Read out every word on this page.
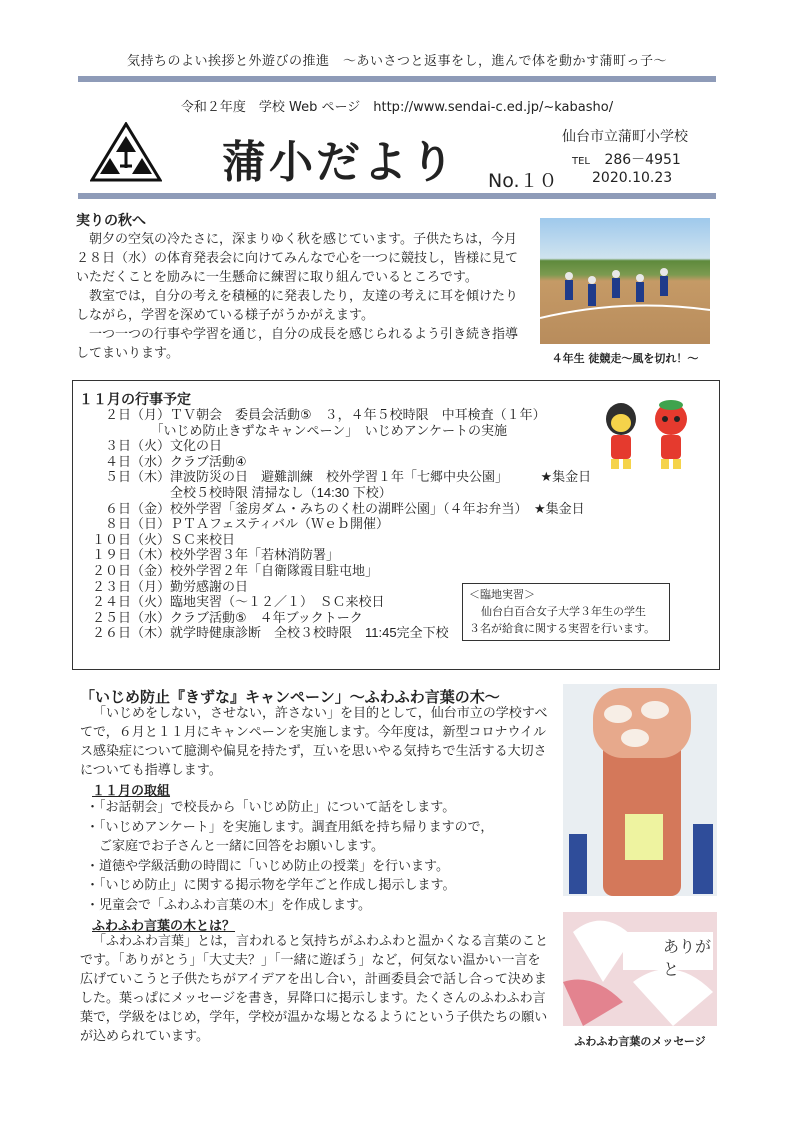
気持ちのよい挨拶と外遊びの推進　～あいさつと返事をし，進んで体を動かす蒲町っ子～
令和２年度　学校 Web ページ　http://www.sendai-c.ed.jp/~kabasho/
蒲小だより No.１０
仙台市立蒲町小学校
TEL 286－4951
2020.10.23
実りの秋へ

朝夕の空気の冷たさに，深まりゆく秋を感じています。子供たちは，今月２８日（水）の体育発表会に向けてみんなで心を一つに競技し，皆様に見ていただくことを励みに一生懸命に練習に取り組んでいるところです。

教室では，自分の考えを積極的に発表したり，友達の考えに耳を傾けたりしながら，学習を深めている様子がうかがえます。

一つ一つの行事や学習を通じ，自分の成長を感じられるよう引き続き指導してまいります。	４年生 徒競走～風を切れ！～
１１月の行事予定
　　２日（月）ＴＶ朝会　委員会活動⑤　３，４年５校時限　中耳検査（１年）
　　　　　　「いじめ防止きずなキャンペーン」　いじめアンケートの実施
　　３日（火）文化の日
　　４日（水）クラブ活動④
　　５日（木）津波防災の日　避難訓練　校外学習１年「七郷中央公園」　　　★集金日
　　　　　　　全校５校時限 清掃なし（14:30 下校）
　　６日（金）校外学習「釜房ダム・みちのく杜の湖畔公園」（４年お弁当）　★集金日
　　８日（日）ＰＴＡフェスティバル（Ｗｅｂ開催）
　１０日（火）ＳＣ来校日
　１９日（木）校外学習３年「若林消防署」
　２０日（金）校外学習２年「自衛隊霞目駐屯地」
　２３日（月）勤労感謝の日
　２４日（火）臨地実習（～１２／１）　ＳＣ来校日
　２５日（水）クラブ活動⑤　４年ブックトーク
　２６日（木）就学時健康診断　全校３校時限　11:45完全下校
＜臨地実習＞
仙台白百合女子大学３年生の学生
３名が給食に関する実習を行います。
「いじめ防止『きずな』キャンペーン」～ふわふわ言葉の木～

「いじめをしない，させない，許さない」を目的として，仙台市立の学校すべてで，６月と１１月にキャンペーンを実施します。今年度は，新型コロナウイルス感染症について臆測や偏見を持たず，互いを思いやる気持ちで生活する大切さについても指導します。

１１月の取組
・「お話朝会」で校長から「いじめ防止」について話をします。
・「いじめアンケート」を実施します。調査用紙を持ち帰りますので，
　ご家庭でお子さんと一緒に回答をお願いします。
・道徳や学級活動の時間に「いじめ防止の授業」を行います。
・「いじめ防止」に関する掲示物を学年ごと作成し掲示します。
・児童会で「ふわふわ言葉の木」を作成します。
ふわふわ言葉の木とは？

「ふわふわ言葉」とは，言われると気持ちがふわふわと温かくなる言葉のことです。「ありがとう」「大丈夫？」「一緒に遊ぼう」など，何気ない温かい一言を広げていこうと子供たちがアイデアを出し合い，計画委員会で話し合って決めました。葉っぱにメッセージを書き，昇降口に掲示します。たくさんのふわふわ言葉で，学級をはじめ，学年，学校が温かな場となるようにという子供たちの願いが込められています。

ありがと
ふわふわ言葉のメッセージ
